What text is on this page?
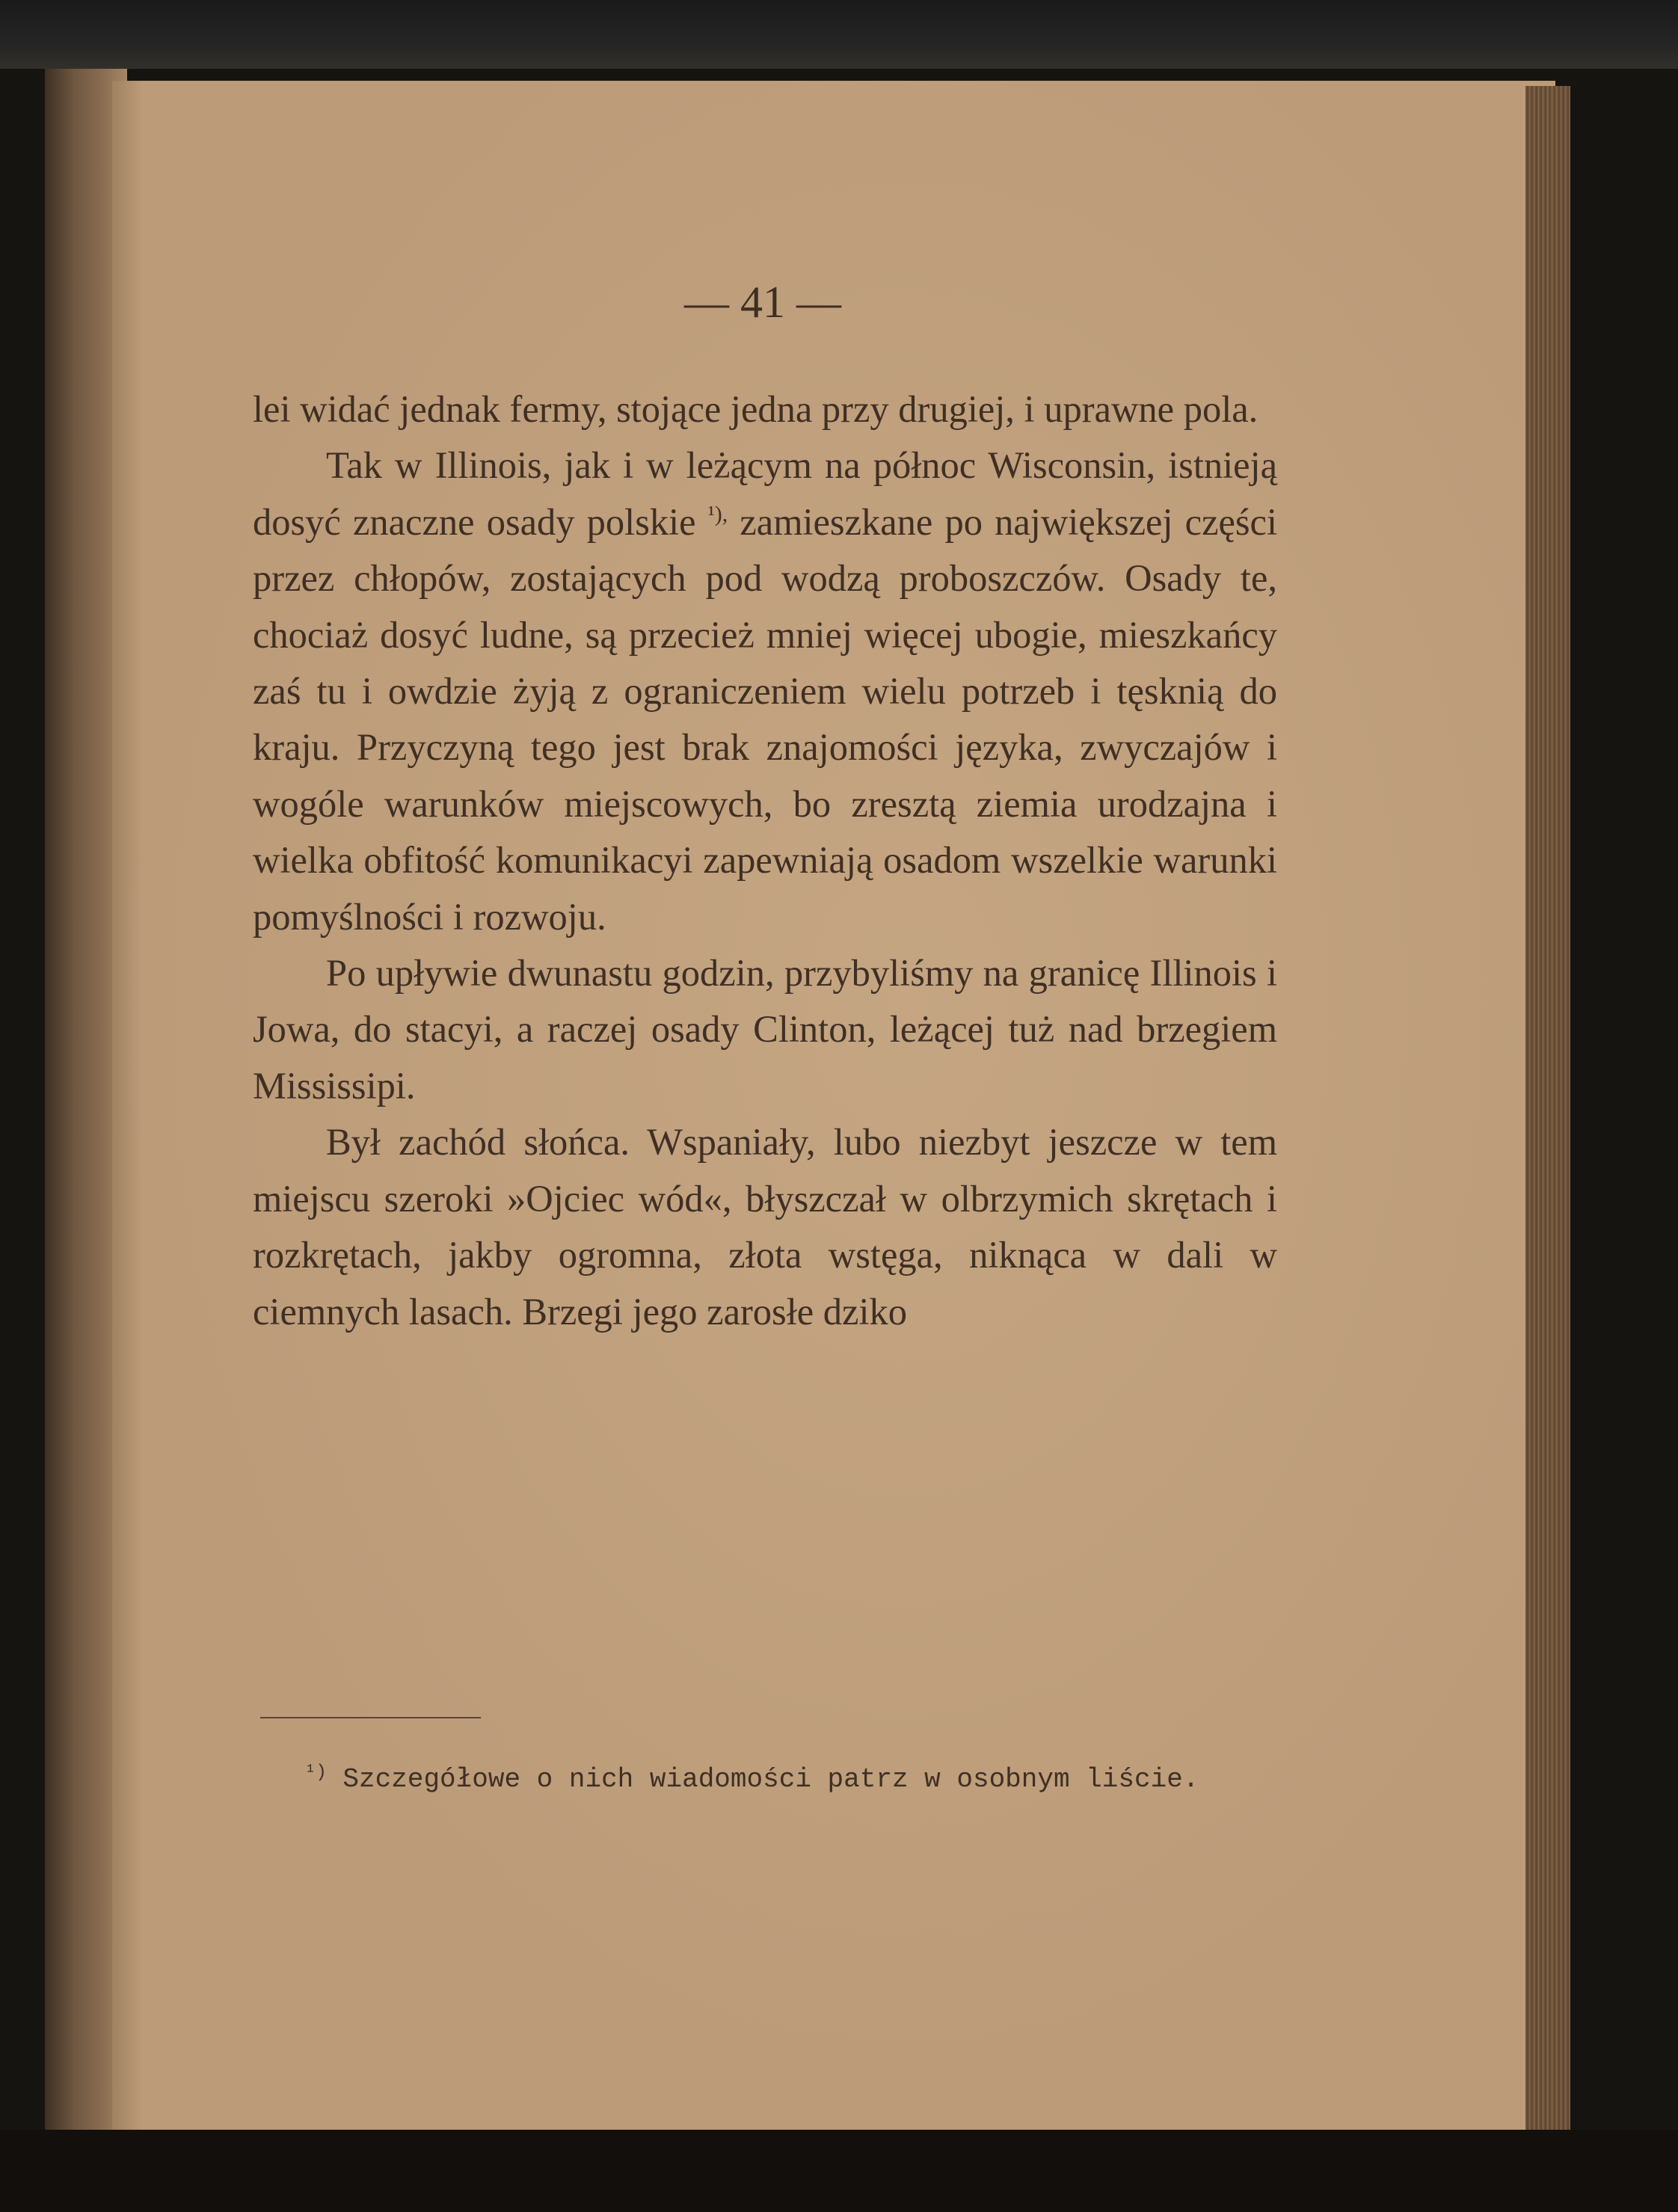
— 41 —

lei widać jednak fermy, stojące jedna przy drugiej, i uprawne pola.

Tak w Illinois, jak i w leżącym na północ Wisconsin, istnieją dosyć znaczne osady polskie $^{^1),}$ zamieszkane po największej części przez chłopów, zostających pod wodzą proboszczów. Osady te, chociaż dosyć ludne, są przecież mniej więcej ubogie, mieszkańcy zaś tu i owdzie żyją z ograniczeniem wielu potrzeb i tęsknią do kraju. Przyczyną tego jest brak znajomości języka, zwyczajów i wogóle warunków miejscowych, bo zresztą ziemia urodzajna i wielka obfitość komunikacyi zapewniają osadom wszelkie warunki pomyślności i rozwoju.

Po upływie dwunastu godzin, przybyliśmy na granicę Illinois i Jowa, do stacyi, a raczej osady Clinton, leżącej tuż nad brzegiem Mississipi.

Był zachód słońca. Wspaniały, lubo niezbyt jeszcze w tem miejscu szeroki »Ojciec wód«, błyszczał w olbrzymich skrętach i rozkrętach, jakby ogromna, złota wstęga, niknąca w dali w ciemnych lasach. Brzegi jego zarosłe dziko

$^{^1)}$ Szczegółowe o nich wiadomości patrz w osobnym liście.
